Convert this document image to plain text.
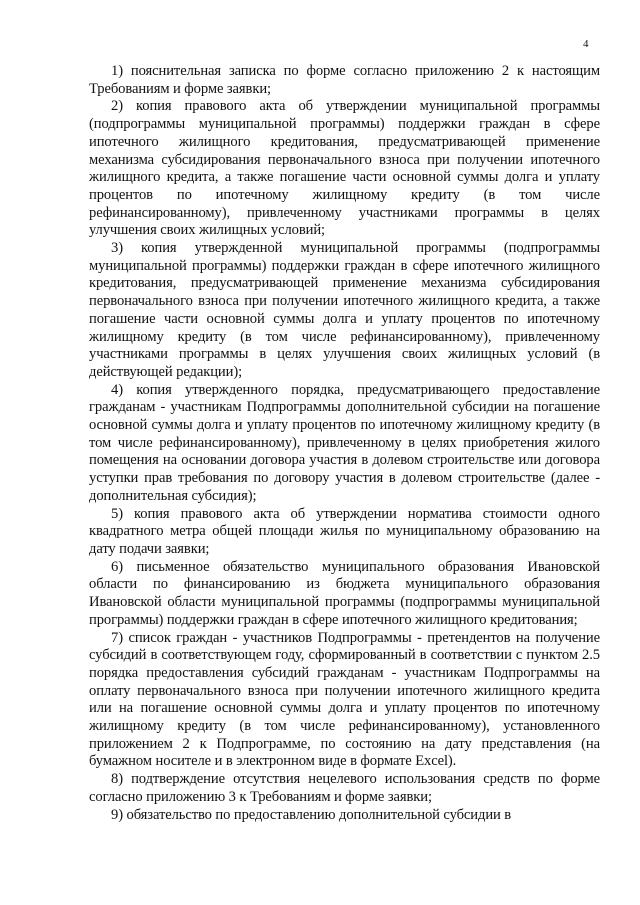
4

1) пояснительная записка по форме согласно приложению 2 к настоящим Требованиям и форме заявки;

2) копия правового акта об утверждении муниципальной программы (подпрограммы муниципальной программы) поддержки граждан в сфере ипотечного жилищного кредитования, предусматривающей применение механизма субсидирования первоначального взноса при получении ипотечного жилищного кредита, а также погашение части основной суммы долга и уплату процентов по ипотечному жилищному кредиту (в том числе рефинансированному), привлеченному участниками программы в целях улучшения своих жилищных условий;

3) копия утвержденной муниципальной программы (подпрограммы муниципальной программы) поддержки граждан в сфере ипотечного жилищного кредитования, предусматривающей применение механизма субсидирования первоначального взноса при получении ипотечного жилищного кредита, а также погашение части основной суммы долга и уплату процентов по ипотечному жилищному кредиту (в том числе рефинансированному), привлеченному участниками программы в целях улучшения своих жилищных условий (в действующей редакции);

4) копия утвержденного порядка, предусматривающего предоставление гражданам - участникам Подпрограммы дополнительной субсидии на погашение основной суммы долга и уплату процентов по ипотечному жилищному кредиту (в том числе рефинансированному), привлеченному в целях приобретения жилого помещения на основании договора участия в долевом строительстве или договора уступки прав требования по договору участия в долевом строительстве (далее - дополнительная субсидия);

5) копия правового акта об утверждении норматива стоимости одного квадратного метра общей площади жилья по муниципальному образованию на дату подачи заявки;

6) письменное обязательство муниципального образования Ивановской области по финансированию из бюджета муниципального образования Ивановской области муниципальной программы (подпрограммы муниципальной программы) поддержки граждан в сфере ипотечного жилищного кредитования;

7) список граждан - участников Подпрограммы - претендентов на получение субсидий в соответствующем году, сформированный в соответствии с пунктом 2.5 порядка предоставления субсидий гражданам - участникам Подпрограммы на оплату первоначального взноса при получении ипотечного жилищного кредита или на погашение основной суммы долга и уплату процентов по ипотечному жилищному кредиту (в том числе рефинансированному), установленного приложением 2 к Подпрограмме, по состоянию на дату представления (на бумажном носителе и в электронном виде в формате Excel).

8) подтверждение отсутствия нецелевого использования средств по форме согласно приложению 3 к Требованиям и форме заявки;

9) обязательство по предоставлению дополнительной субсидии в
